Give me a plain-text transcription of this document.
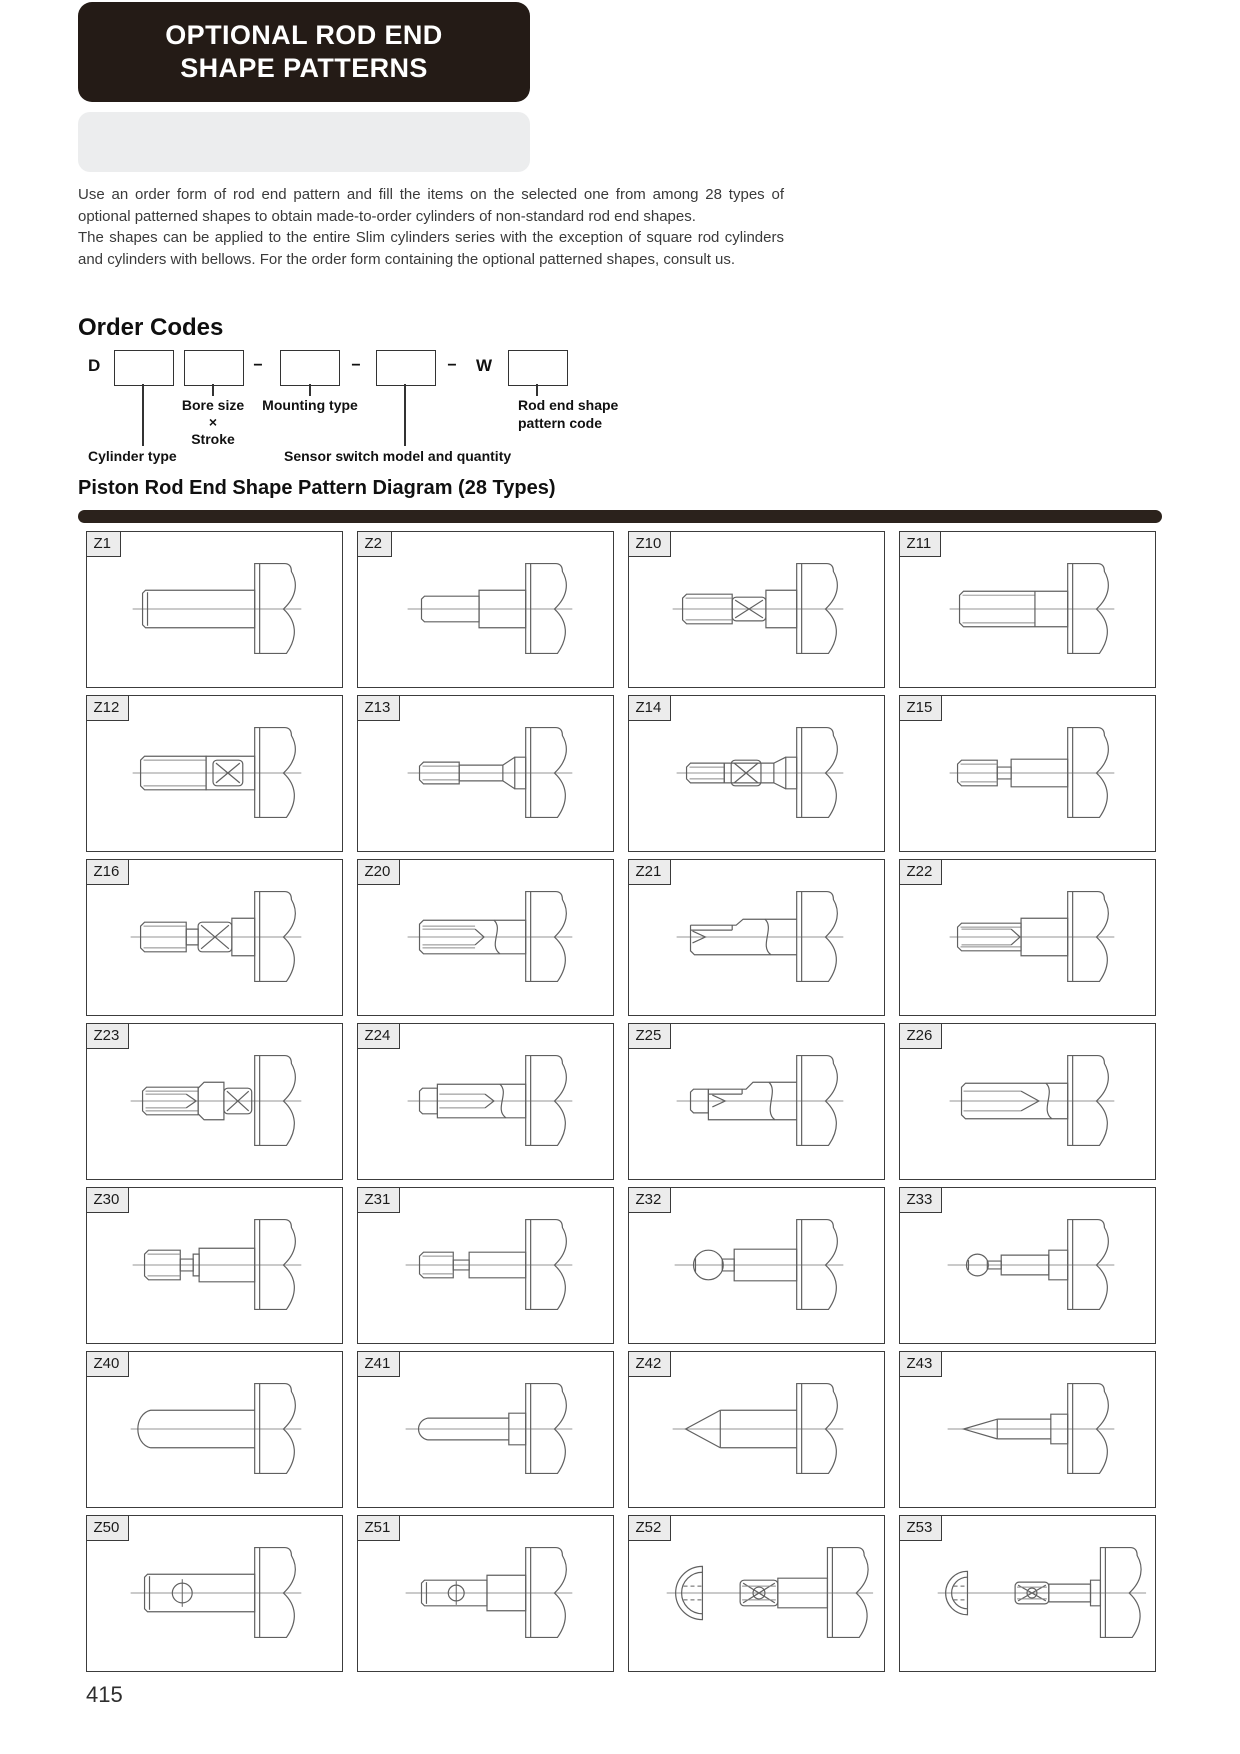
OPTIONAL ROD END
SHAPE PATTERNS

Use an order form of rod end pattern and fill the items on the selected one from among 28 types of optional patterned shapes to obtain made-to-order cylinders of non-standard rod end shapes.

The shapes can be applied to the entire Slim cylinders series with the exception of square rod cylinders and cylinders with bellows. For the order form containing the optional patterned shapes, consult us.

Order Codes
D	−	−	− W
Bore size
×
Stroke
Mounting type	Rod end shape
pattern code
Cylinder type	Sensor switch model and quantity
Piston Rod End Shape Pattern Diagram (28 Types)
Z1	Z2	Z10	Z11
Z12	Z13	Z14	Z15
Z16	Z20	Z21	Z22
Z23	Z24	Z25	Z26
Z30	Z31	Z32	Z33
Z40	Z41	Z42	Z43
Z50	Z51	Z52	Z53
415
